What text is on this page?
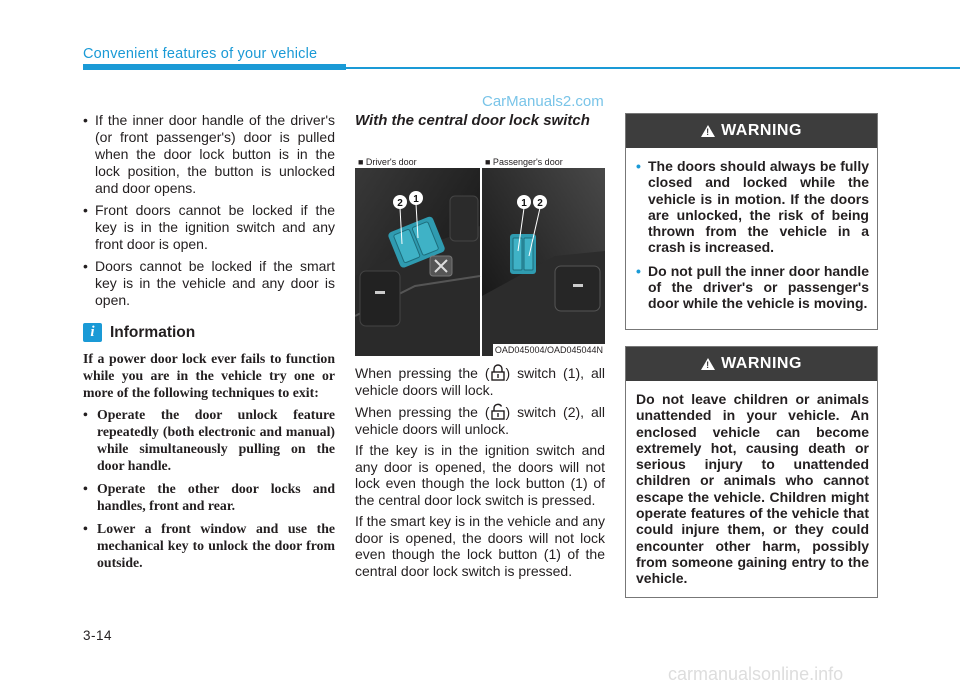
Convenient features of your vehicle
CarManuals2.com
• If the inner door handle of the driver's (or front passenger's) door is pulled when the door lock button is in the lock position, the button is unlocked and door opens.
• Front doors cannot be locked if the key is in the ignition switch and any front door is open.
• Doors cannot be locked if the smart key is in the vehicle and any door is open.
i Information

If a power door lock ever fails to function while you are in the vehicle try one or more of the following techniques to exit:

• Operate the door unlock feature repeatedly (both electronic and manual) while simultaneously pulling on the door handle.
• Operate the other door locks and handles, front and rear.
• Lower a front window and use the mechanical key to unlock the door from outside.

With the central door lock switch

2 1	1 2
■ Driver's door	■ Passenger's door
OAD045004/OAD045044N

When pressing the ( ) switch (1), all vehicle doors will lock.

When pressing the ( ) switch (2), all vehicle doors will unlock.

If the key is in the ignition switch and any door is opened, the doors will not lock even though the lock button (1) of the central door lock switch is pressed.

If the smart key is in the vehicle and any door is opened, the doors will not lock even though the lock button (1) of the central door lock switch is pressed.

!
WARNING
• The doors should always be fully closed and locked while the vehicle is in motion. If the doors are unlocked, the risk of being thrown from the vehicle in a crash is increased.
• Do not pull the inner door handle of the driver's or passenger's door while the vehicle is moving.
!
WARNING

Do not leave children or animals unattended in your vehicle. An enclosed vehicle can become extremely hot, causing death or serious injury to unattended children or animals who cannot escape the vehicle. Children might operate features of the vehicle that could injure them, or they could encounter other harm, possibly from someone gaining entry to the vehicle.

3-14
carmanualsonline.info
